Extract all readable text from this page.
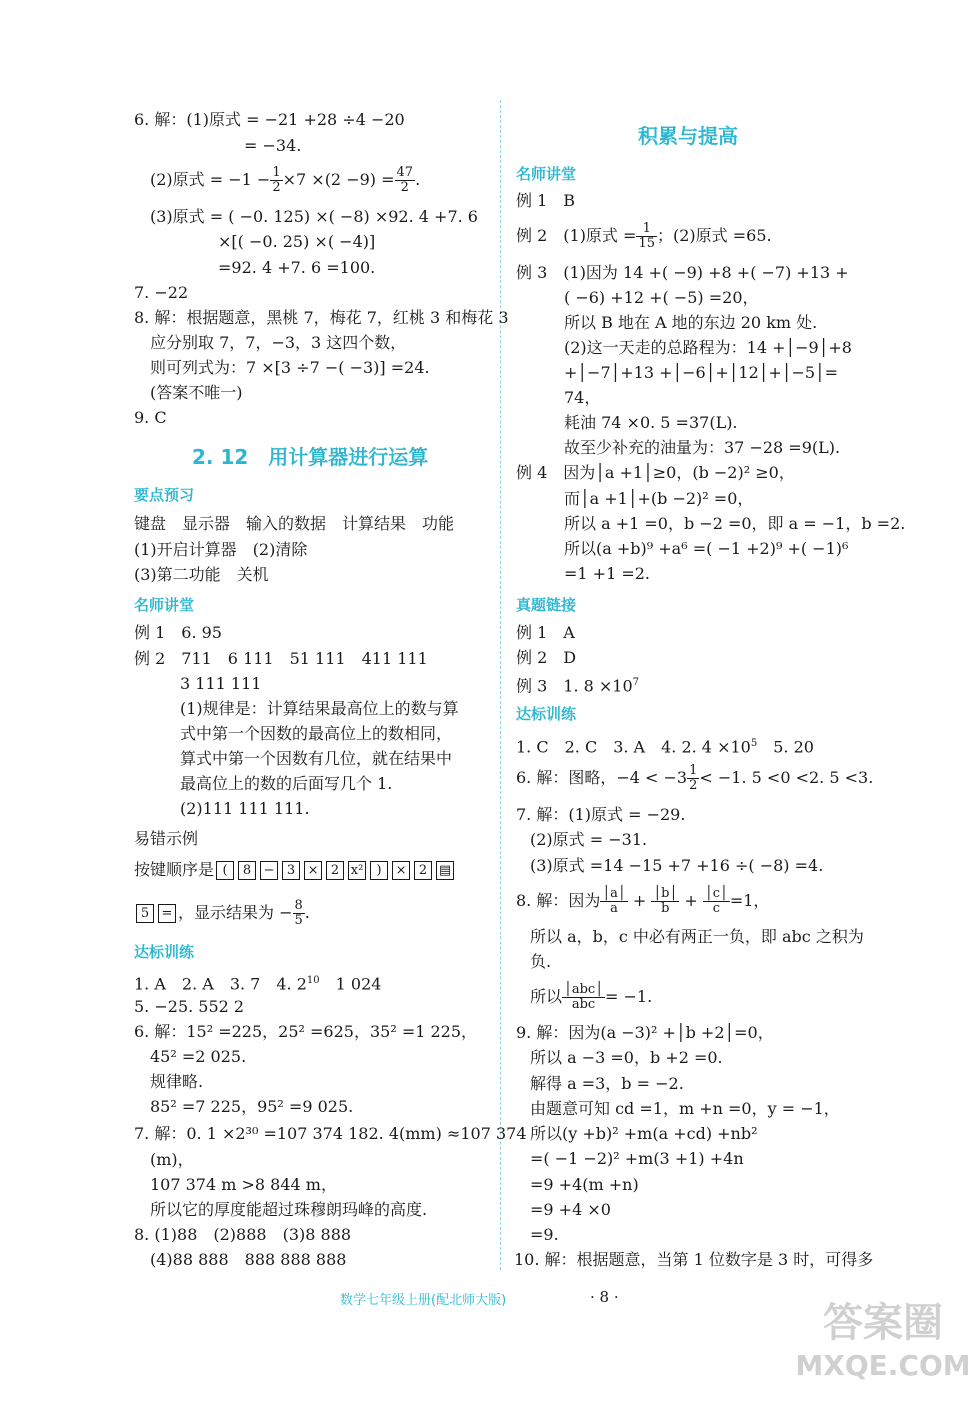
6. 解：(1)原式 = −21 +28 ÷4 −20
= −34.
(2)原式 = $-1 - \frac{1}{2} \times 7 \times(2 -9) = \frac{47}{2}$ .
(3)原式 = ( −0. 125) ×( −8) ×92. 4 +7. 6
×[( −0. 25) ×( −4)]
=92. 4 +7. 6 =100.
7. −22
8. 解：根据题意，黑桃 7，梅花 7，红桃 3 和梅花 3
应分别取 7，7，−3，3 这四个数，
则可列式为：7 ×[3 ÷7 −( −3)] =24.
(答案不唯一)
9. C
2. 12　用计算器进行运算
要点预习
键盘　显示器　输入的数据　计算结果　功能
(1)开启计算器　(2)清除
(3)第二功能　关机
名师讲堂
例 1　6. 95
例 2　711　6 111　51 111　411 111
3 111 111
(1)规律是：计算结果最高位上的数与算
式中第一个因数的最高位上的数相同，
算式中第一个因数有几位，就在结果中
最高位上的数的后面写几个 1.
(2)111 111 111.
易错示例
按键顺序是 ( 8 − 3 × 2 x² ) × 2 ▤
5 = ，显示结果为 − $\frac{8}{5}$ .
达标训练
1. A　2. A　3. 7　4. $2^{10}$　1 024
5. −25. 552 2
6. 解：15² =225，25² =625，35² =1 225，
45² =2 025.
规律略.
85² =7 225，95² =9 025.
7. 解：0. 1 ×2³⁰ =107 374 182. 4(mm) ≈107 374
(m)，
107 374 m >8 844 m，
所以它的厚度能超过珠穆朗玛峰的高度.
8. (1)88　(2)888　(3)8 888
(4)88 888　888 888 888
积累与提高
名师讲堂
例 1　B
例 2　(1)原式 = $\frac{1}{15}$ ；(2)原式 =65.
例 3　(1)因为 14 +( −9) +8 +( −7) +13 +
( −6) +12 +( −5) =20，
所以 B 地在 A 地的东边 20 km 处.
(2)这一天走的总路程为：14 +│−9│+8
+│−7│+13 +│−6│+│12│+│−5│=
74，
耗油 74 ×0. 5 =37(L).
故至少补充的油量为：37 −28 =9(L).
例 4　因为│a +1│≥0，(b −2)² ≥0，
而│a +1│+(b −2)² =0，
所以 a +1 =0，b −2 =0，即 a = −1，b =2.
所以(a +b)⁹ +a⁶ =( −1 +2)⁹ +( −1)⁶
=1 +1 =2.
真题链接
例 1　A
例 2　D
例 3　1. $8 \times 10^7$
达标训练
1. C　2. C　3. A　4. 2. $4 \times 10^5$　5. 20
6. 解：图略，$-4 < -3 \frac{1}{2} < -1$. 5 <0 <2. 5 <3.
7. 解：(1)原式 = −29.
(2)原式 = −31.
(3)原式 =14 −15 +7 +16 ÷( −8) =4.
8. 解：因为 $\frac{│a│}{a} + \frac{│b│}{b} + \frac{│c│}{c} =1$，
所以 a，b，c 中必有两正一负，即 abc 之积为
负.
所以 $\frac{\text{│abc│}}{\text{abc}} = -1$.
9. 解：因为(a −3)² +│b +2│=0，
所以 a −3 =0，b +2 =0.
解得 a =3，b = −2.
由题意可知 cd =1，m +n =0，y = −1，
所以(y +b)² +m(a +cd) +nb²
=( −1 −2)² +m(3 +1) +4n
=9 +4(m +n)
=9 +4 ×0
=9.
10. 解：根据题意，当第 1 位数字是 3 时，可得多
数学七年级上册(配北师大版)	· 8 ·
答案圈
MXQE.COM
